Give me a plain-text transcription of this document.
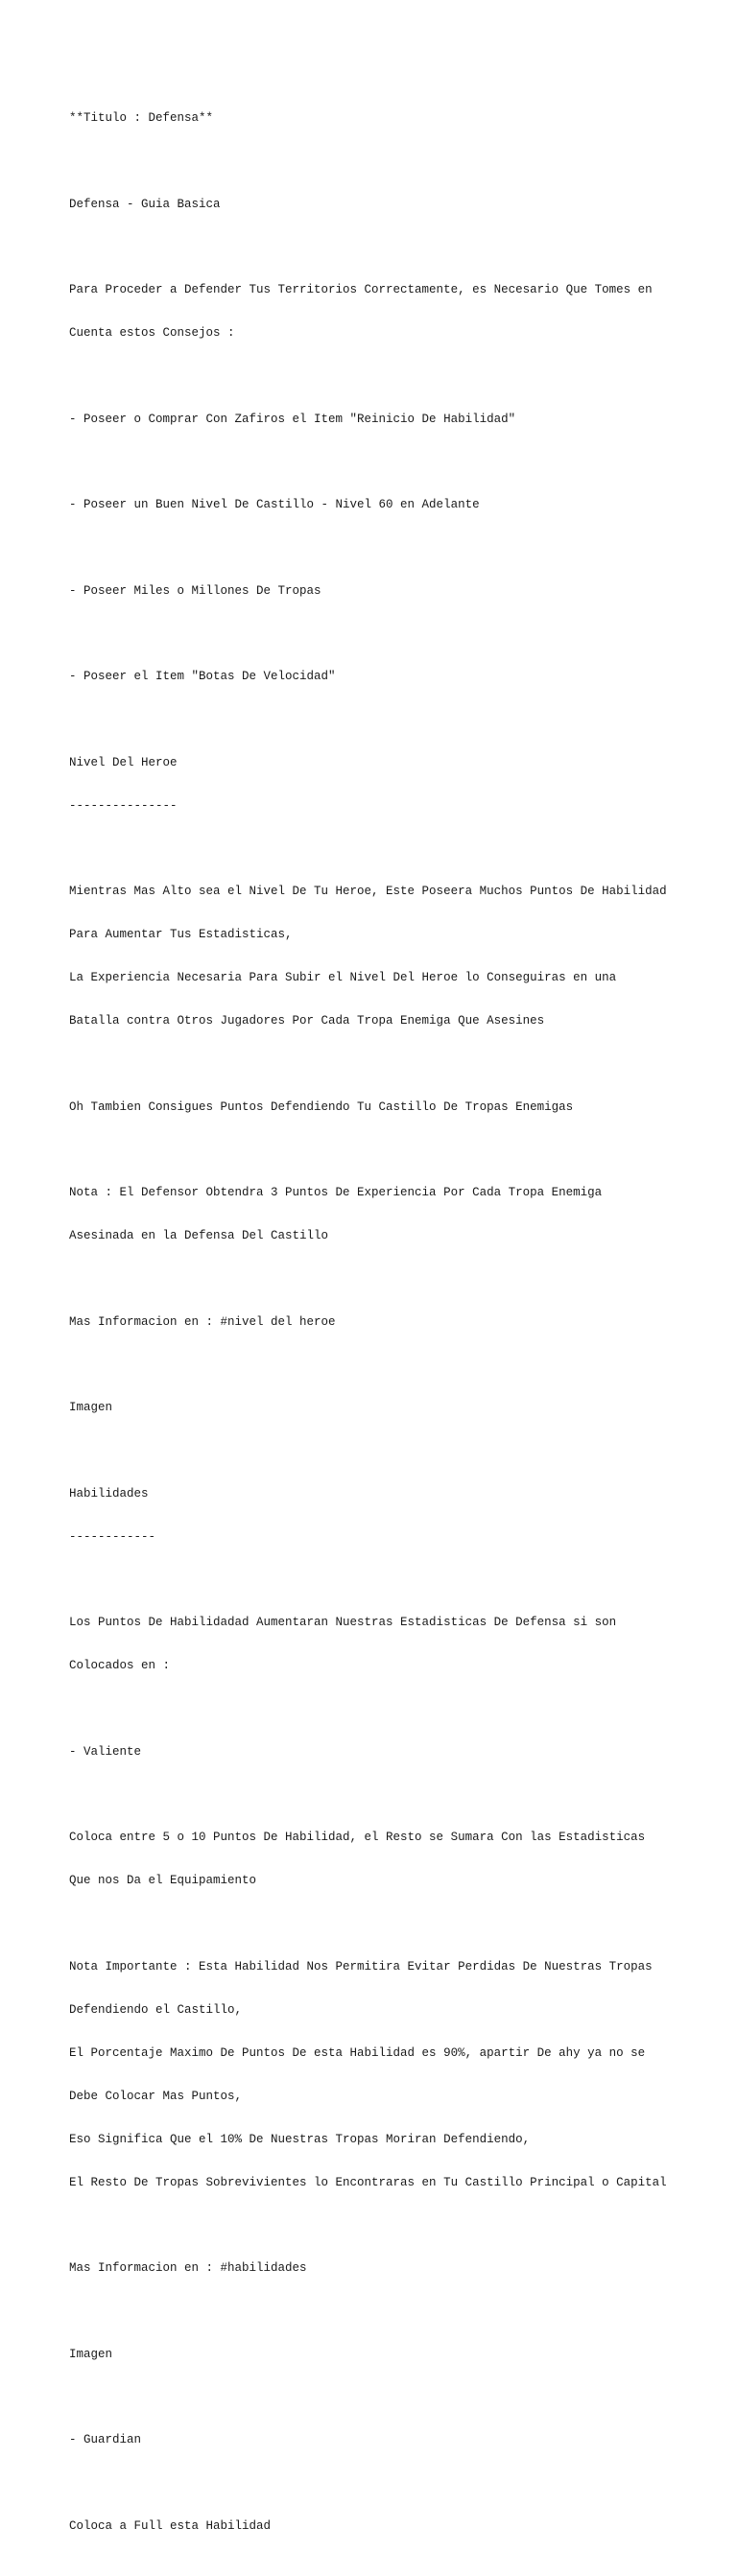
**Titulo : Defensa**

Defensa - Guia Basica

Para Proceder a Defender Tus Territorios Correctamente, es Necesario Que Tomes en

Cuenta estos Consejos :

- Poseer o Comprar Con Zafiros el Item "Reinicio De Habilidad"

- Poseer un Buen Nivel De Castillo - Nivel 60 en Adelante

- Poseer Miles o Millones De Tropas

- Poseer el Item "Botas De Velocidad"

Nivel Del Heroe

---------------

Mientras Mas Alto sea el Nivel De Tu Heroe, Este Poseera Muchos Puntos De Habilidad

Para Aumentar Tus Estadisticas,

La Experiencia Necesaria Para Subir el Nivel Del Heroe lo Conseguiras en una

Batalla contra Otros Jugadores Por Cada Tropa Enemiga Que Asesines

Oh Tambien Consigues Puntos Defendiendo Tu Castillo De Tropas Enemigas

Nota : El Defensor Obtendra 3 Puntos De Experiencia Por Cada Tropa Enemiga

Asesinada en la Defensa Del Castillo

Mas Informacion en : #nivel del heroe

Imagen

Habilidades

------------

Los Puntos De Habilidadad Aumentaran Nuestras Estadisticas De Defensa si son

Colocados en :

- Valiente

Coloca entre 5 o 10 Puntos De Habilidad, el Resto se Sumara Con las Estadisticas

Que nos Da el Equipamiento

Nota Importante : Esta Habilidad Nos Permitira Evitar Perdidas De Nuestras Tropas

Defendiendo el Castillo,

El Porcentaje Maximo De Puntos De esta Habilidad es 90%, apartir De ahy ya no se

Debe Colocar Mas Puntos,

Eso Significa Que el 10% De Nuestras Tropas Moriran Defendiendo,

El Resto De Tropas Sobrevivientes lo Encontraras en Tu Castillo Principal o Capital

Mas Informacion en : #habilidades

Imagen

- Guardian

Coloca a Full esta Habilidad
